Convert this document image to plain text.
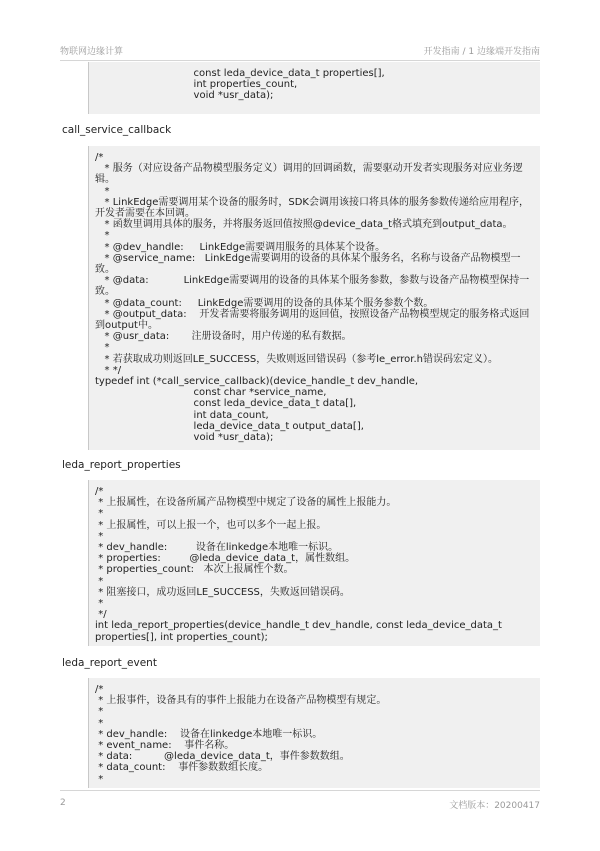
物联网边缘计算	开发指南 / 1 边缘端开发指南
const leda_device_data_t properties[],
int properties_count,
void *usr_data);
call_service_callback
/*
* 服务（对应设备产品物模型服务定义）调用的回调函数，需要驱动开发者实现服务对应业务逻辑。
*
* LinkEdge需要调用某个设备的服务时，SDK会调用该接口将具体的服务参数传递给应用程序，开发者需要在本回调。
* 函数里调用具体的服务，并将服务返回值按照@device_data_t格式填充到output_data。
*
* @dev_handle:     LinkEdge需要调用服务的具体某个设备。
* @service_name:   LinkEdge需要调用的设备的具体某个服务名，名称与设备产品物模型一致。
* @data:           LinkEdge需要调用的设备的具体某个服务参数，参数与设备产品物模型保持一致。
* @data_count:     LinkEdge需要调用的设备的具体某个服务参数个数。
* @output_data:    开发者需要将服务调用的返回值，按照设备产品物模型规定的服务格式返回到output中。
* @usr_data:       注册设备时，用户传递的私有数据。
*
* 若获取成功则返回LE_SUCCESS，失败则返回错误码（参考le_error.h错误码宏定义）。
* */
typedef int (*call_service_callback)(device_handle_t dev_handle,
const char *service_name,
const leda_device_data_t data[],
int data_count,
leda_device_data_t output_data[],
void *usr_data);
leda_report_properties
/*
* 上报属性，在设备所属产品物模型中规定了设备的属性上报能力。
*
* 上报属性，可以上报一个，也可以多个一起上报。
*
* dev_handle:         设备在linkedge本地唯一标识。
* properties:         @leda_device_data_t，属性数组。
* properties_count:   本次上报属性个数。
*
* 阻塞接口，成功返回LE_SUCCESS，失败返回错误码。
*
*/
int leda_report_properties(device_handle_t dev_handle, const leda_device_data_t properties[], int properties_count);
leda_report_event
/*
* 上报事件，设备具有的事件上报能力在设备产品物模型有规定。
*
*
* dev_handle:    设备在linkedge本地唯一标识。
* event_name:    事件名称。
* data:          @leda_device_data_t，事件参数数组。
* data_count:    事件参数数组长度。
*
2	文档版本：20200417
